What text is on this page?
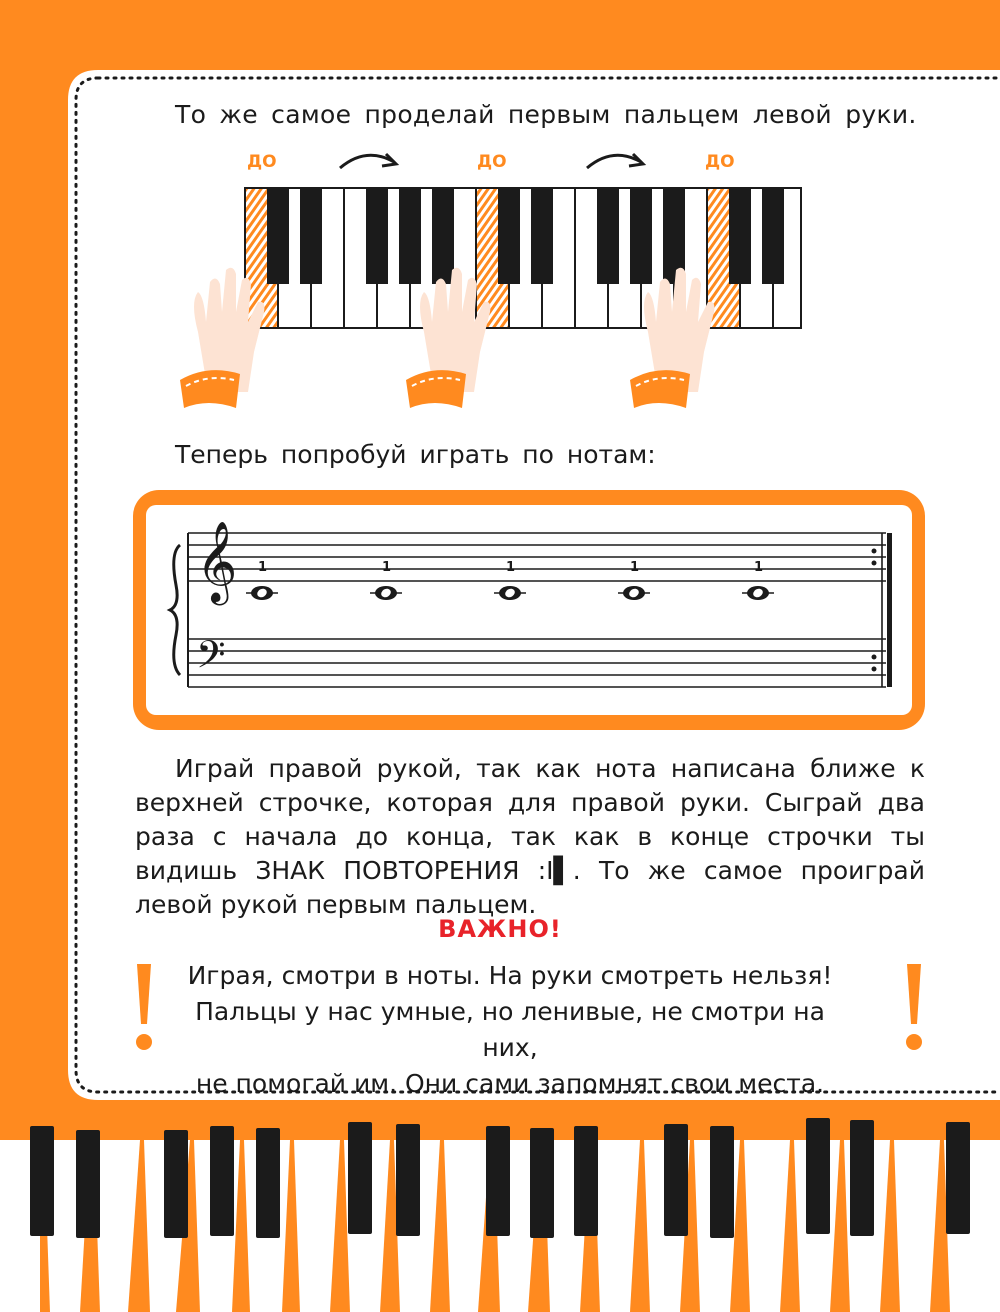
То же самое проделай первым пальцем левой руки.
ДО	ДО	ДО
Теперь попробуй играть по нотам:
𝄞
𝄢
1	1	1	1	1
Играй правой рукой, так как нота написана ближе к верхней строчке, которая для правой руки. Сыграй два раза с начала до конца, так как в конце строчки ты видишь ЗНАК ПОВТОРЕНИЯ :I▌. То же самое проиграй левой рукой первым пальцем.
ВАЖНО!
Играя, смотри в ноты. На руки смотреть нельзя!
Пальцы у нас умные, но ленивые, не смотри на них,
не помогай им. Они сами запомнят свои места.
